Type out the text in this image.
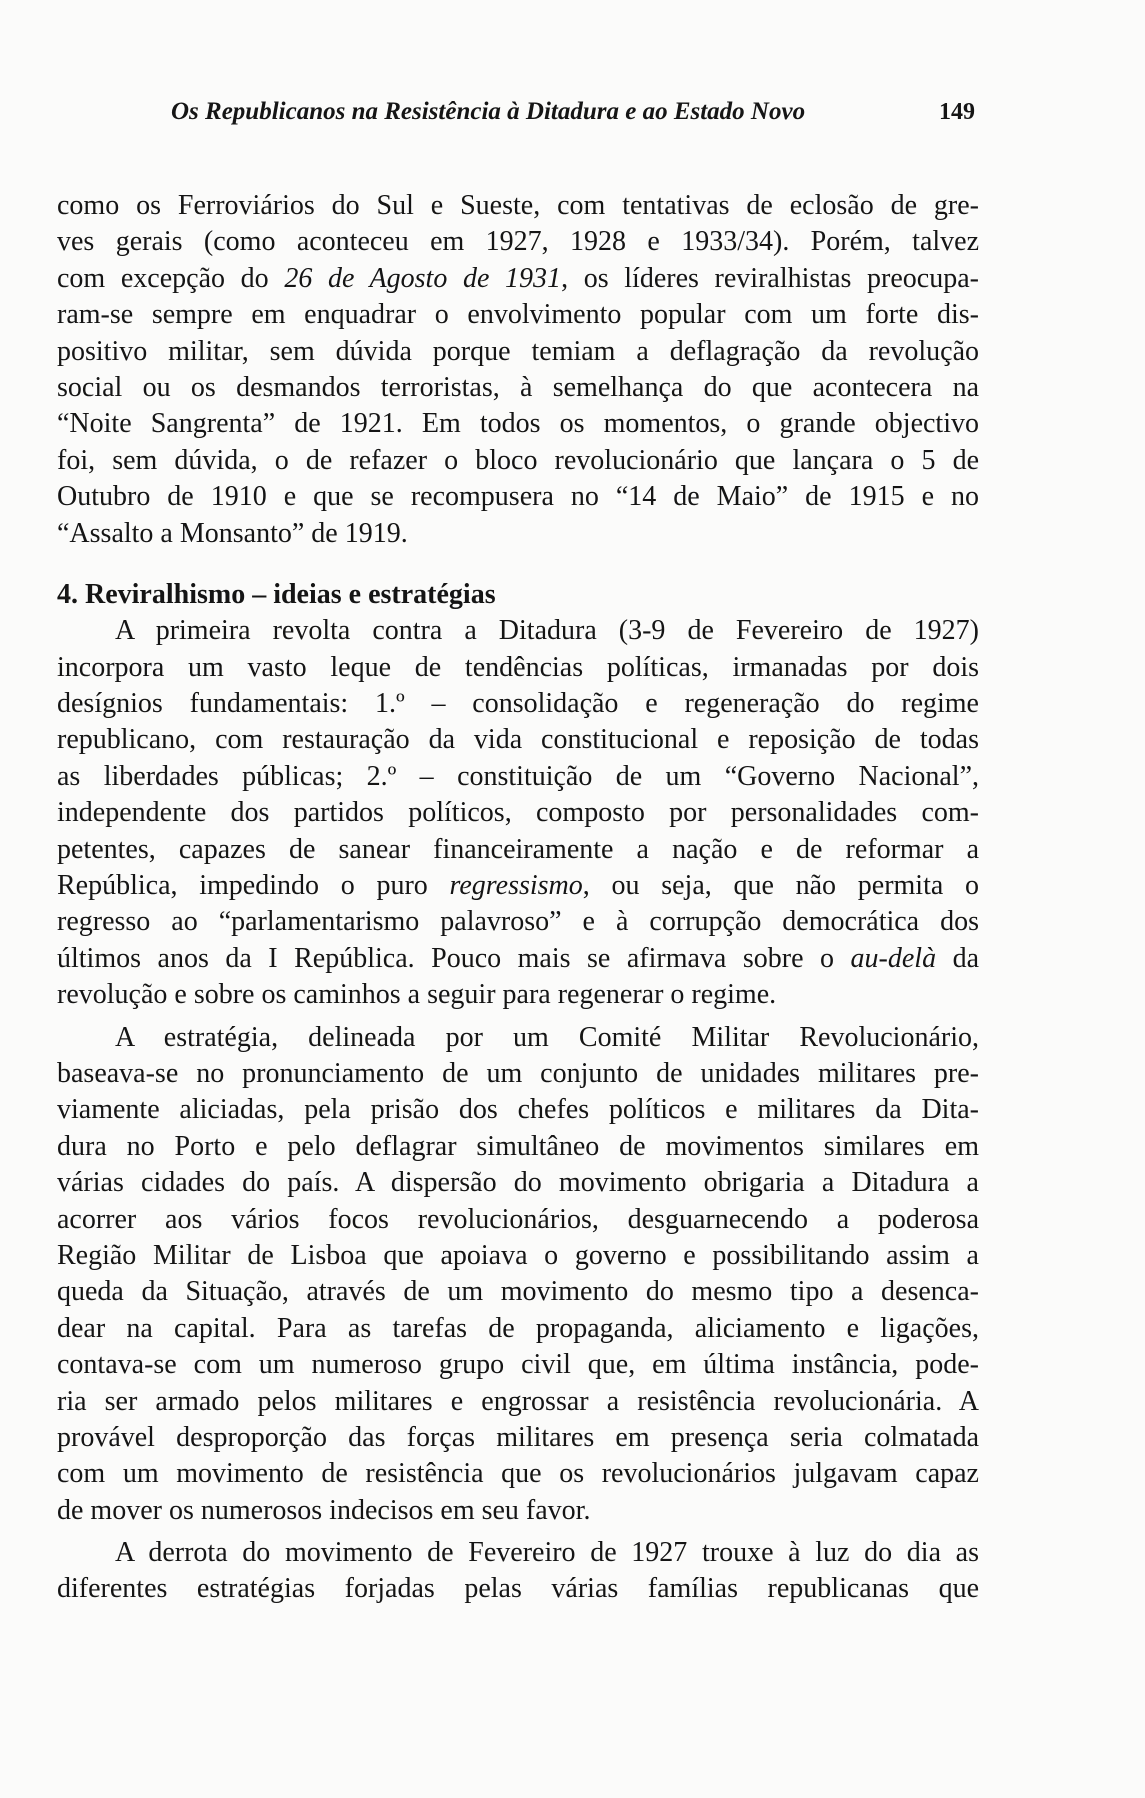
Os Republicanos na Resistência à Ditadura e ao Estado Novo	149
como os Ferroviários do Sul e Sueste, com tentativas de eclosão de gre-
ves gerais (como aconteceu em 1927, 1928 e 1933/34). Porém, talvez
com excepção do 26 de Agosto de 1931, os líderes reviralhistas preocupa-
ram-se sempre em enquadrar o envolvimento popular com um forte dis-
positivo militar, sem dúvida porque temiam a deflagração da revolução
social ou os desmandos terroristas, à semelhança do que acontecera na
“Noite Sangrenta” de 1921. Em todos os momentos, o grande objectivo
foi, sem dúvida, o de refazer o bloco revolucionário que lançara o 5 de
Outubro de 1910 e que se recompusera no “14 de Maio” de 1915 e no
“Assalto a Monsanto” de 1919.
4. Reviralhismo – ideias e estratégias
A primeira revolta contra a Ditadura (3-9 de Fevereiro de 1927)
incorpora um vasto leque de tendências políticas, irmanadas por dois
desígnios fundamentais: 1.º – consolidação e regeneração do regime
republicano, com restauração da vida constitucional e reposição de todas
as liberdades públicas; 2.º – constituição de um “Governo Nacional”,
independente dos partidos políticos, composto por personalidades com-
petentes, capazes de sanear financeiramente a nação e de reformar a
República, impedindo o puro regressismo, ou seja, que não permita o
regresso ao “parlamentarismo palavroso” e à corrupção democrática dos
últimos anos da I República. Pouco mais se afirmava sobre o au-delà da
revolução e sobre os caminhos a seguir para regenerar o regime.
A estratégia, delineada por um Comité Militar Revolucionário,
baseava-se no pronunciamento de um conjunto de unidades militares pre-
viamente aliciadas, pela prisão dos chefes políticos e militares da Dita-
dura no Porto e pelo deflagrar simultâneo de movimentos similares em
várias cidades do país. A dispersão do movimento obrigaria a Ditadura a
acorrer aos vários focos revolucionários, desguarnecendo a poderosa
Região Militar de Lisboa que apoiava o governo e possibilitando assim a
queda da Situação, através de um movimento do mesmo tipo a desenca-
dear na capital. Para as tarefas de propaganda, aliciamento e ligações,
contava-se com um numeroso grupo civil que, em última instância, pode-
ria ser armado pelos militares e engrossar a resistência revolucionária. A
provável desproporção das forças militares em presença seria colmatada
com um movimento de resistência que os revolucionários julgavam capaz
de mover os numerosos indecisos em seu favor.
A derrota do movimento de Fevereiro de 1927 trouxe à luz do dia as
diferentes estratégias forjadas pelas várias famílias republicanas que
